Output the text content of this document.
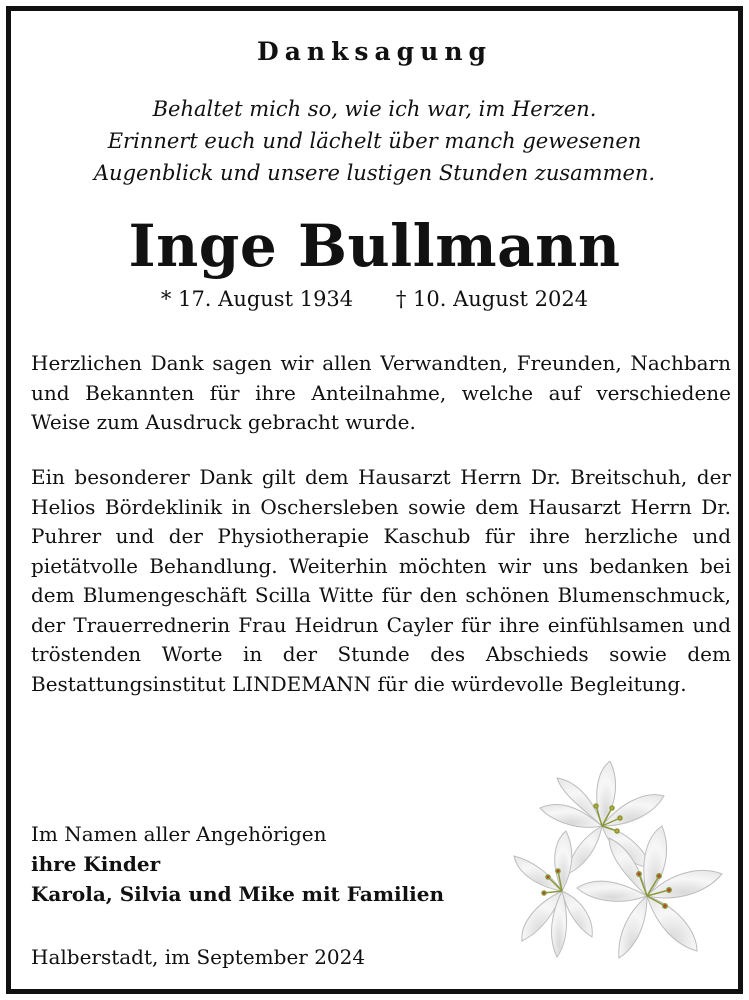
Danksagung
Behaltet mich so, wie ich war, im Herzen.
Erinnert euch und lächelt über manch gewesenen
Augenblick und unsere lustigen Stunden zusammen.
Inge Bullmann
* 17. August 1934 † 10. August 2024
Herzlichen Dank sagen wir allen Verwandten, Freunden, Nachbarn und Bekannten für ihre Anteilnahme, welche auf verschiedene Weise zum Ausdruck gebracht wurde.
Ein besonderer Dank gilt dem Hausarzt Herrn Dr. Breitschuh, der Helios Bördeklinik in Oschersleben sowie dem Hausarzt Herrn Dr. Puhrer und der Physiotherapie Kaschub für ihre herzliche und pietätvolle Behandlung. Weiterhin möchten wir uns bedanken bei dem Blumengeschäft Scilla Witte für den schönen Blumenschmuck, der Trauerrednerin Frau Heidrun Cayler für ihre einfühlsamen und tröstenden Worte in der Stunde des Abschieds sowie dem Bestattungsinstitut LINDEMANN für die würdevolle Begleitung.
Im Namen aller Angehörigen
ihre Kinder
Karola, Silvia und Mike mit Familien
Halberstadt, im September 2024
